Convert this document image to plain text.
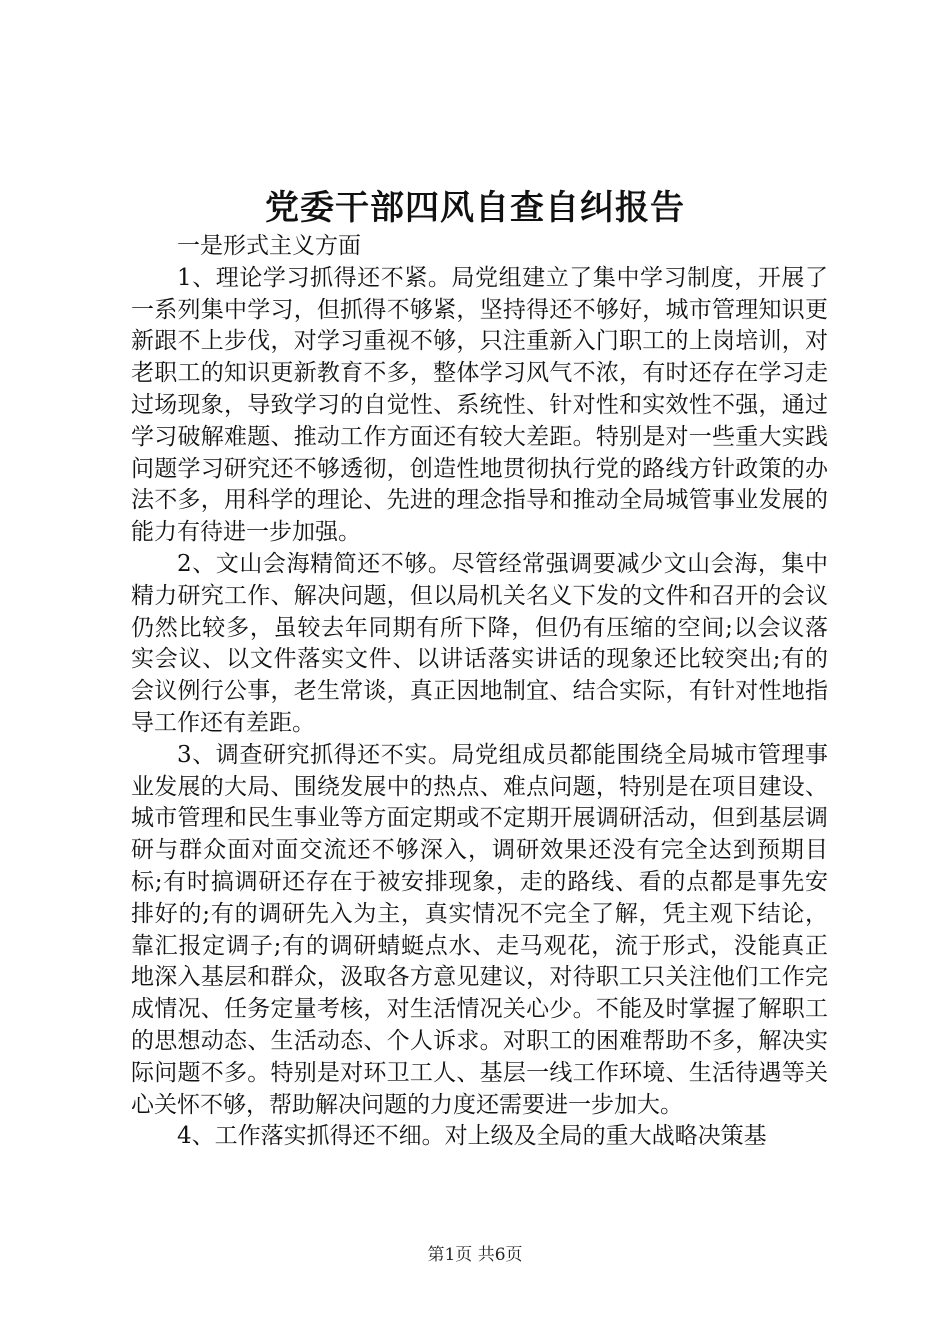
党委干部四风自查自纠报告

一是形式主义方面

1、理论学习抓得还不紧。局党组建立了集中学习制度，开展了一系列集中学习，但抓得不够紧，坚持得还不够好，城市管理知识更新跟不上步伐，对学习重视不够，只注重新入门职工的上岗培训，对老职工的知识更新教育不多，整体学习风气不浓，有时还存在学习走过场现象，导致学习的自觉性、系统性、针对性和实效性不强，通过学习破解难题、推动工作方面还有较大差距。特别是对一些重大实践问题学习研究还不够透彻，创造性地贯彻执行党的路线方针政策的办法不多，用科学的理论、先进的理念指导和推动全局城管事业发展的能力有待进一步加强。

2、文山会海精简还不够。尽管经常强调要减少文山会海，集中精力研究工作、解决问题，但以局机关名义下发的文件和召开的会议仍然比较多，虽较去年同期有所下降，但仍有压缩的空间;以会议落实会议、以文件落实文件、以讲话落实讲话的现象还比较突出;有的会议例行公事，老生常谈，真正因地制宜、结合实际，有针对性地指导工作还有差距。

3、调查研究抓得还不实。局党组成员都能围绕全局城市管理事业发展的大局、围绕发展中的热点、难点问题，特别是在项目建设、城市管理和民生事业等方面定期或不定期开展调研活动，但到基层调研与群众面对面交流还不够深入，调研效果还没有完全达到预期目标;有时搞调研还存在于被安排现象，走的路线、看的点都是事先安排好的;有的调研先入为主，真实情况不完全了解，凭主观下结论，靠汇报定调子;有的调研蜻蜓点水、走马观花，流于形式，没能真正地深入基层和群众，汲取各方意见建议，对待职工只关注他们工作完成情况、任务定量考核，对生活情况关心少。不能及时掌握了解职工的思想动态、生活动态、个人诉求。对职工的困难帮助不多，解决实际问题不多。特别是对环卫工人、基层一线工作环境、生活待遇等关心关怀不够，帮助解决问题的力度还需要进一步加大。

4、工作落实抓得还不细。对上级及全局的重大战略决策基

第1页 共6页
